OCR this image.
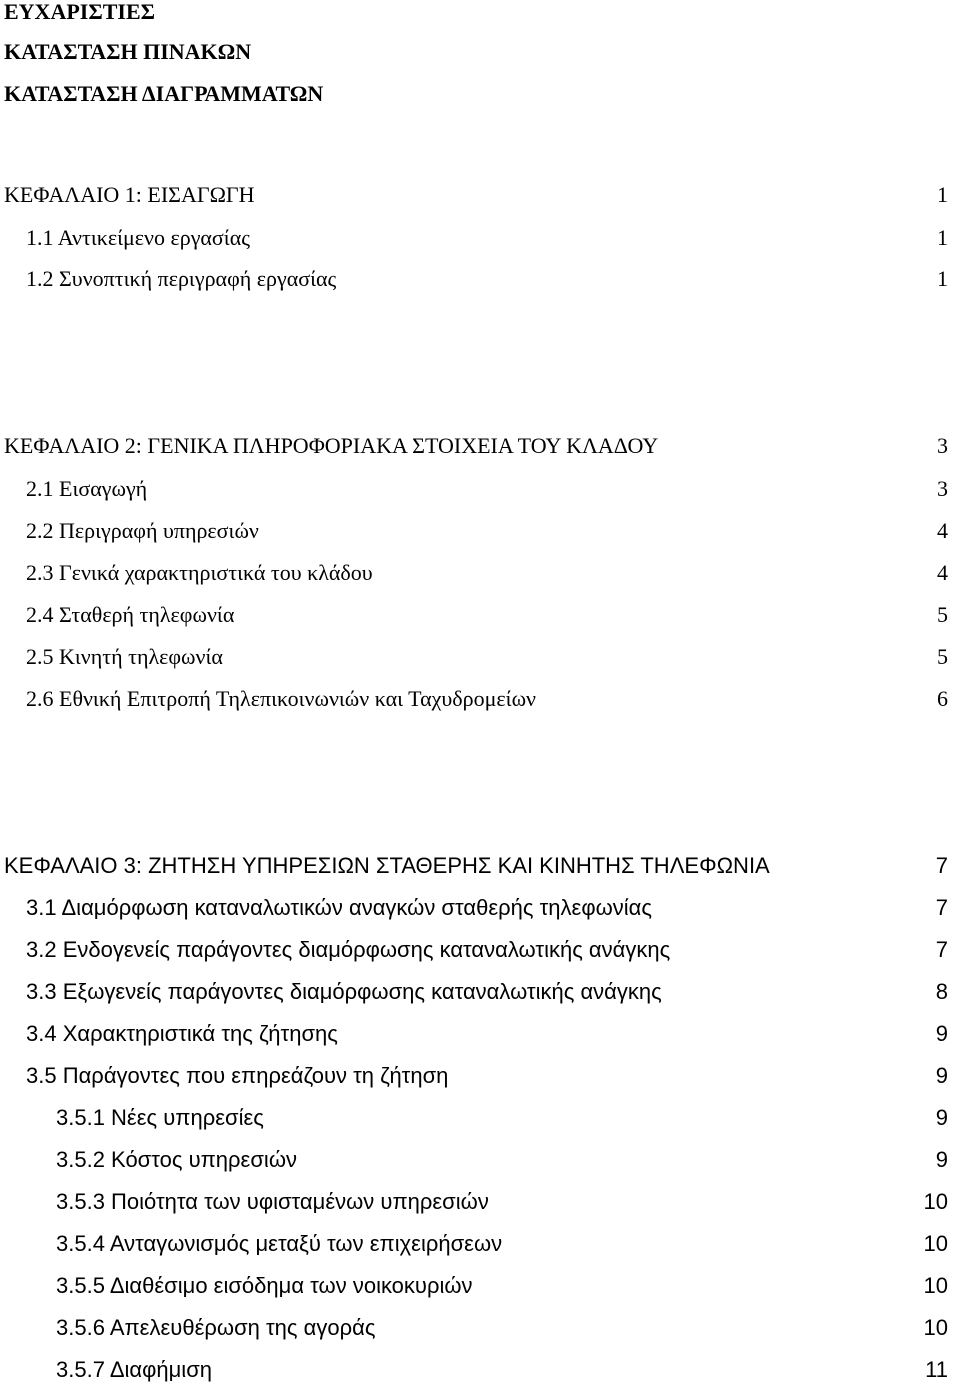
ΕΥΧΑΡΙΣΤΙΕΣ
ΚΑΤΑΣΤΑΣΗ ΠΙΝΑΚΩΝ
ΚΑΤΑΣΤΑΣΗ ΔΙΑΓΡΑΜΜΑΤΩΝ
ΚΕΦΑΛΑΙΟ 1: ΕΙΣΑΓΩΓΗ	1
1.1 Αντικείμενο εργασίας	1
1.2 Συνοπτική περιγραφή εργασίας	1
ΚΕΦΑΛΑΙΟ 2: ΓΕΝΙΚΑ ΠΛΗΡΟΦΟΡΙΑΚΑ ΣΤΟΙΧΕΙΑ ΤΟΥ ΚΛΑΔΟΥ	3
2.1 Εισαγωγή	3
2.2 Περιγραφή υπηρεσιών	4
2.3 Γενικά χαρακτηριστικά του κλάδου	4
2.4 Σταθερή τηλεφωνία	5
2.5 Κινητή τηλεφωνία	5
2.6 Εθνική Επιτροπή Τηλεπικοινωνιών και Ταχυδρομείων	6
ΚΕΦΑΛΑΙΟ 3: ΖΗΤΗΣΗ ΥΠΗΡΕΣΙΩΝ ΣΤΑΘΕΡΗΣ ΚΑΙ ΚΙΝΗΤΗΣ ΤΗΛΕΦΩΝΙΑ	7
3.1 Διαμόρφωση καταναλωτικών αναγκών σταθερής τηλεφωνίας	7
3.2 Ενδογενείς παράγοντες διαμόρφωσης καταναλωτικής ανάγκης	7
3.3 Εξωγενείς παράγοντες διαμόρφωσης καταναλωτικής ανάγκης	8
3.4 Χαρακτηριστικά της ζήτησης	9
3.5 Παράγοντες που επηρεάζουν τη ζήτηση	9
3.5.1 Νέες υπηρεσίες	9
3.5.2 Κόστος υπηρεσιών	9
3.5.3 Ποιότητα των υφισταμένων υπηρεσιών	10
3.5.4 Ανταγωνισμός μεταξύ των επιχειρήσεων	10
3.5.5 Διαθέσιμο εισόδημα των νοικοκυριών	10
3.5.6 Απελευθέρωση της αγοράς	10
3.5.7 Διαφήμιση	11
